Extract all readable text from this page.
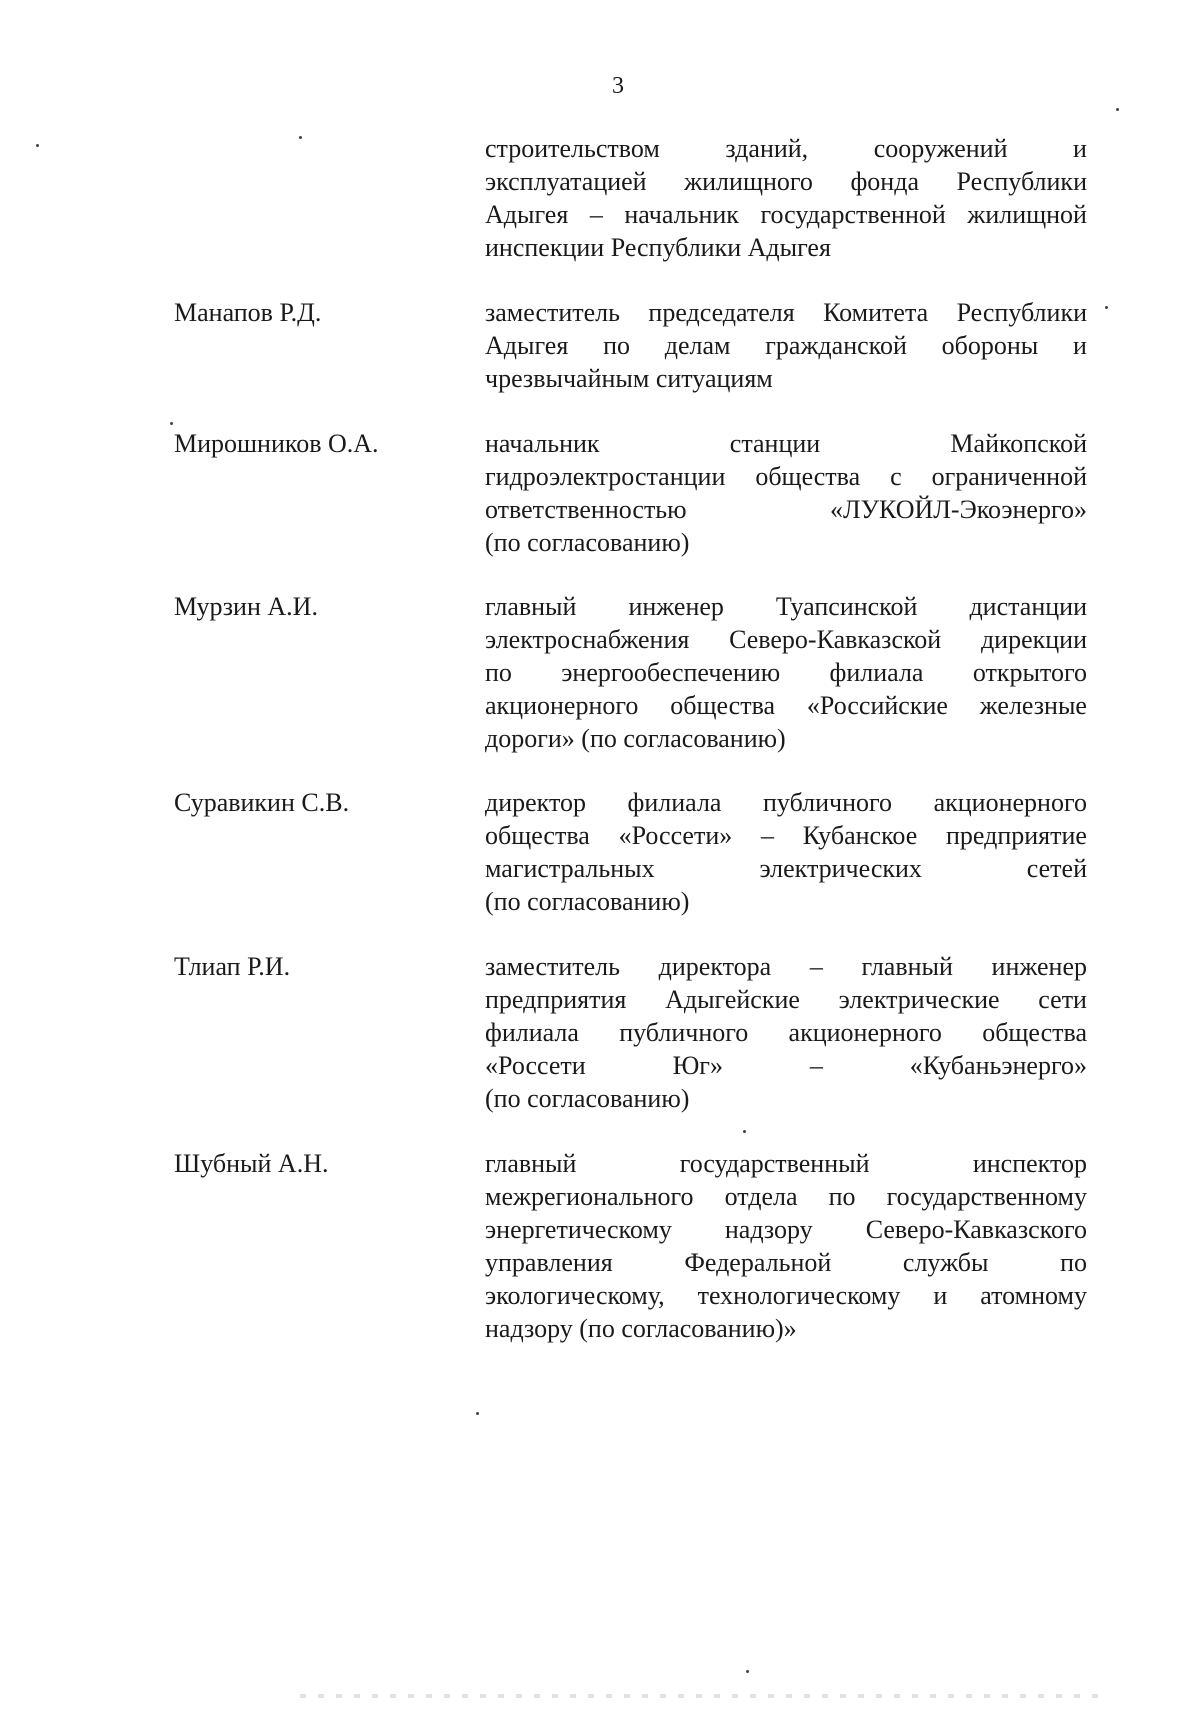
3
строительством	зданий,	сооружений	и
эксплуатацией жилищного фонда Республики
Адыгея – начальник государственной жилищной
инспекции Республики Адыгея
Манапов Р.Д.	заместитель председателя Комитета Республики
Адыгея по делам гражданской обороны и
чрезвычайным ситуациям
Мирошников О.А.	начальник	станции	Майкопской
гидроэлектростанции общества с ограниченной
ответственностью	«ЛУКОЙЛ-Экоэнерго»
(по согласованию)
Мурзин А.И.	главный инженер Туапсинской дистанции
электроснабжения Северо-Кавказской дирекции
по энергообеспечению филиала открытого
акционерного общества «Российские железные
дороги» (по согласованию)
Суравикин С.В.	директор филиала публичного акционерного
общества «Россети» – Кубанское предприятие
магистральных	электрических	сетей
(по согласованию)
Тлиап Р.И.	заместитель директора – главный инженер
предприятия Адыгейские электрические сети
филиала публичного акционерного общества
«Россети	Юг»	–	«Кубаньэнерго»
(по согласованию)
Шубный А.Н.	главный	государственный	инспектор
межрегионального отдела по государственному
энергетическому надзору Северо-Кавказского
управления	Федеральной	службы	по
экологическому, технологическому и атомному
надзору (по согласованию)»
